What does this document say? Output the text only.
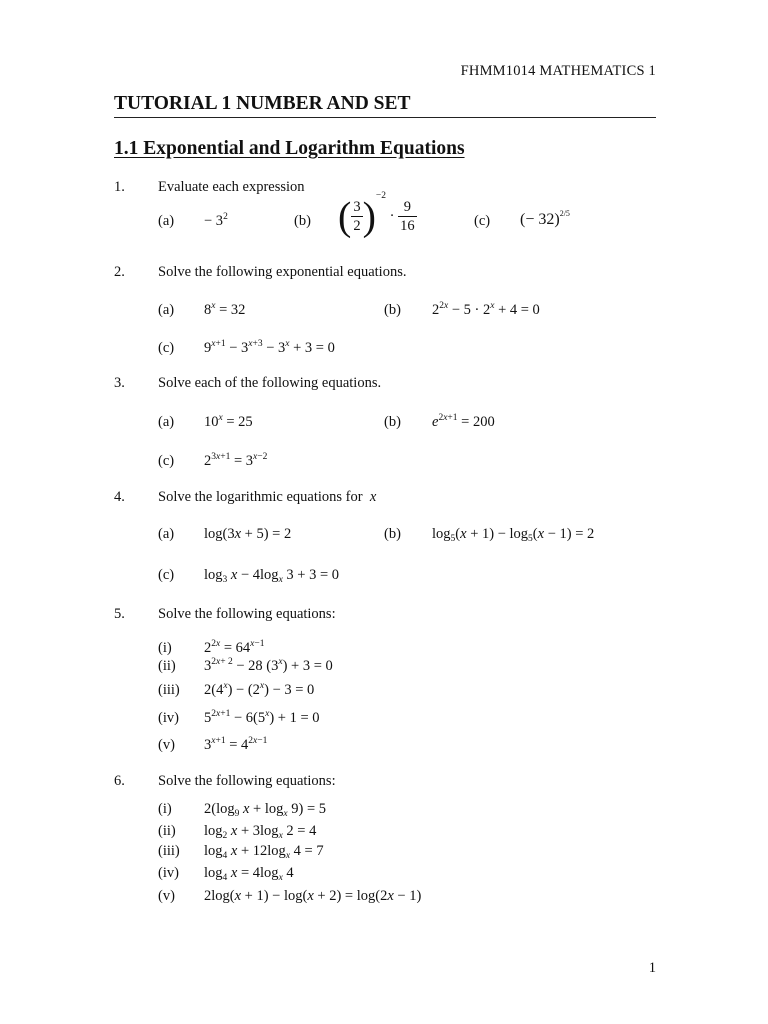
FHMM1014 MATHEMATICS 1
TUTORIAL 1 NUMBER AND SET
1.1 Exponential and Logarithm Equations
1. Evaluate each expression
$(a) - 3^2$	(b) ( $\frac{3}{2} )^{-2} \cdot \frac{9}{16}$	(c) (− 32)$^{2/5}$
2. Solve the following exponential equations.
(a) $8^x = 32$	(b) $2^{2x} - 5 \cdot 2^x + 4 = 0$
(c) $9^{x+1} - 3^{x+3} - 3^x + 3 = 0$
3. Solve each of the following equations.
(a) $10^x = 25$	(b) $e^{2x+1} = 200$
(c) $2^{3x+1} = 3^{x-2}$
4. Solve the logarithmic equations for x
(a) log(3x + 5) = 2	(b) $\log_5(x + 1) - \log_5(x - 1) = 2$
(c) $\log_3 x - 4\log_x$ 3 + 3 = 0
5. Solve the following equations:
(i) $2^{2x} = 64^{x-1}$
(ii) $3^{2x+ 2} - 28$ $(3^x) + 3 = 0$
(iii) $2(4^x) - (2^x) - 3 = 0$
(iv) $5^{2x+1} - 6(5^x) + 1 = 0$
(v) $3^{x+1} = 4^{2x-1}$
6. Solve the following equations:
(i) $2(\log_9$ $x + \log_x 9) = 5$
(ii) $\log_2 x + 3\log_x$ 2 = 4
(iii) $\log_4 x + 12\log_x$ 4 = 7
(iv) $\log_4 x = 4\log_x$ 4
(v) 2log(x + 1) − log(x + 2) = log(2x − 1)
1
